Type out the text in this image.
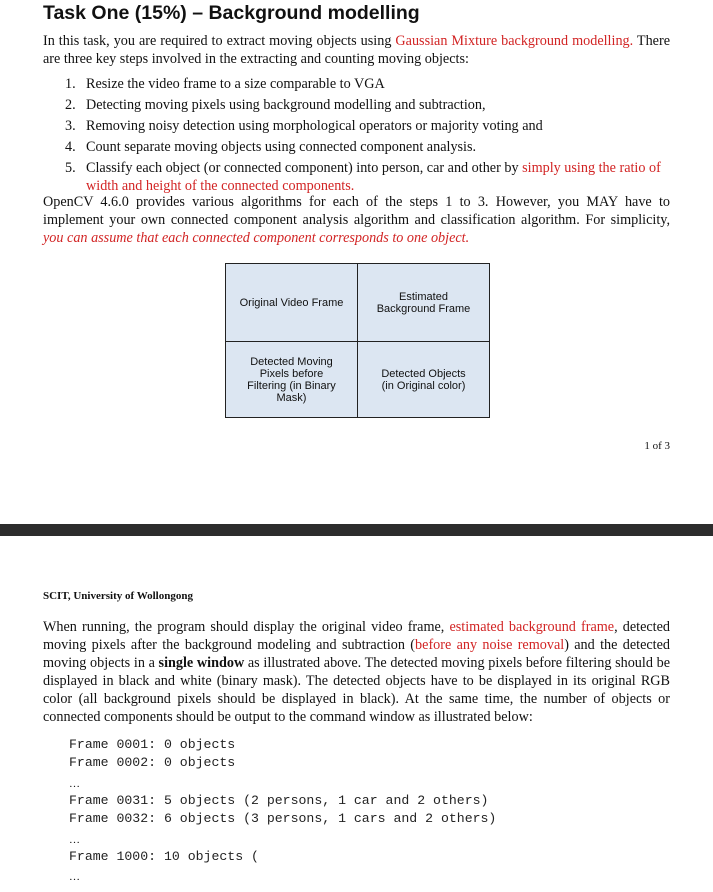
Task One (15%) – Background modelling
In this task, you are required to extract moving objects using Gaussian Mixture background modelling. There are three key steps involved in the extracting and counting moving objects:
1. Resize the video frame to a size comparable to VGA
2. Detecting moving pixels using background modelling and subtraction,
3. Removing noisy detection using morphological operators or majority voting and
4. Count separate moving objects using connected component analysis.
5. Classify each object (or connected component) into person, car and other by simply using the ratio of width and height of the connected components.
OpenCV 4.6.0 provides various algorithms for each of the steps 1 to 3. However, you MAY have to implement your own connected component analysis algorithm and classification algorithm. For simplicity, you can assume that each connected component corresponds to one object.
Original Video Frame	Estimated
Background Frame
Detected Moving
Pixels before
Filtering (in Binary
Mask)
Detected Objects
(in Original color)
1 of 3
SCIT, University of Wollongong
When running, the program should display the original video frame, estimated background frame, detected moving pixels after the background modeling and subtraction (before any noise removal) and the detected moving objects in a single window as illustrated above. The detected moving pixels before filtering should be displayed in black and white (binary mask). The detected objects have to be displayed in its original RGB color (all background pixels should be displayed in black). At the same time, the number of objects or connected components should be output to the command window as illustrated below:
Frame 0001: 0 objects
Frame 0002: 0 objects
…
Frame 0031: 5 objects (2 persons, 1 car and 2 others)
Frame 0032: 6 objects (3 persons, 1 cars and 2 others)
…
Frame 1000: 10 objects (
…
